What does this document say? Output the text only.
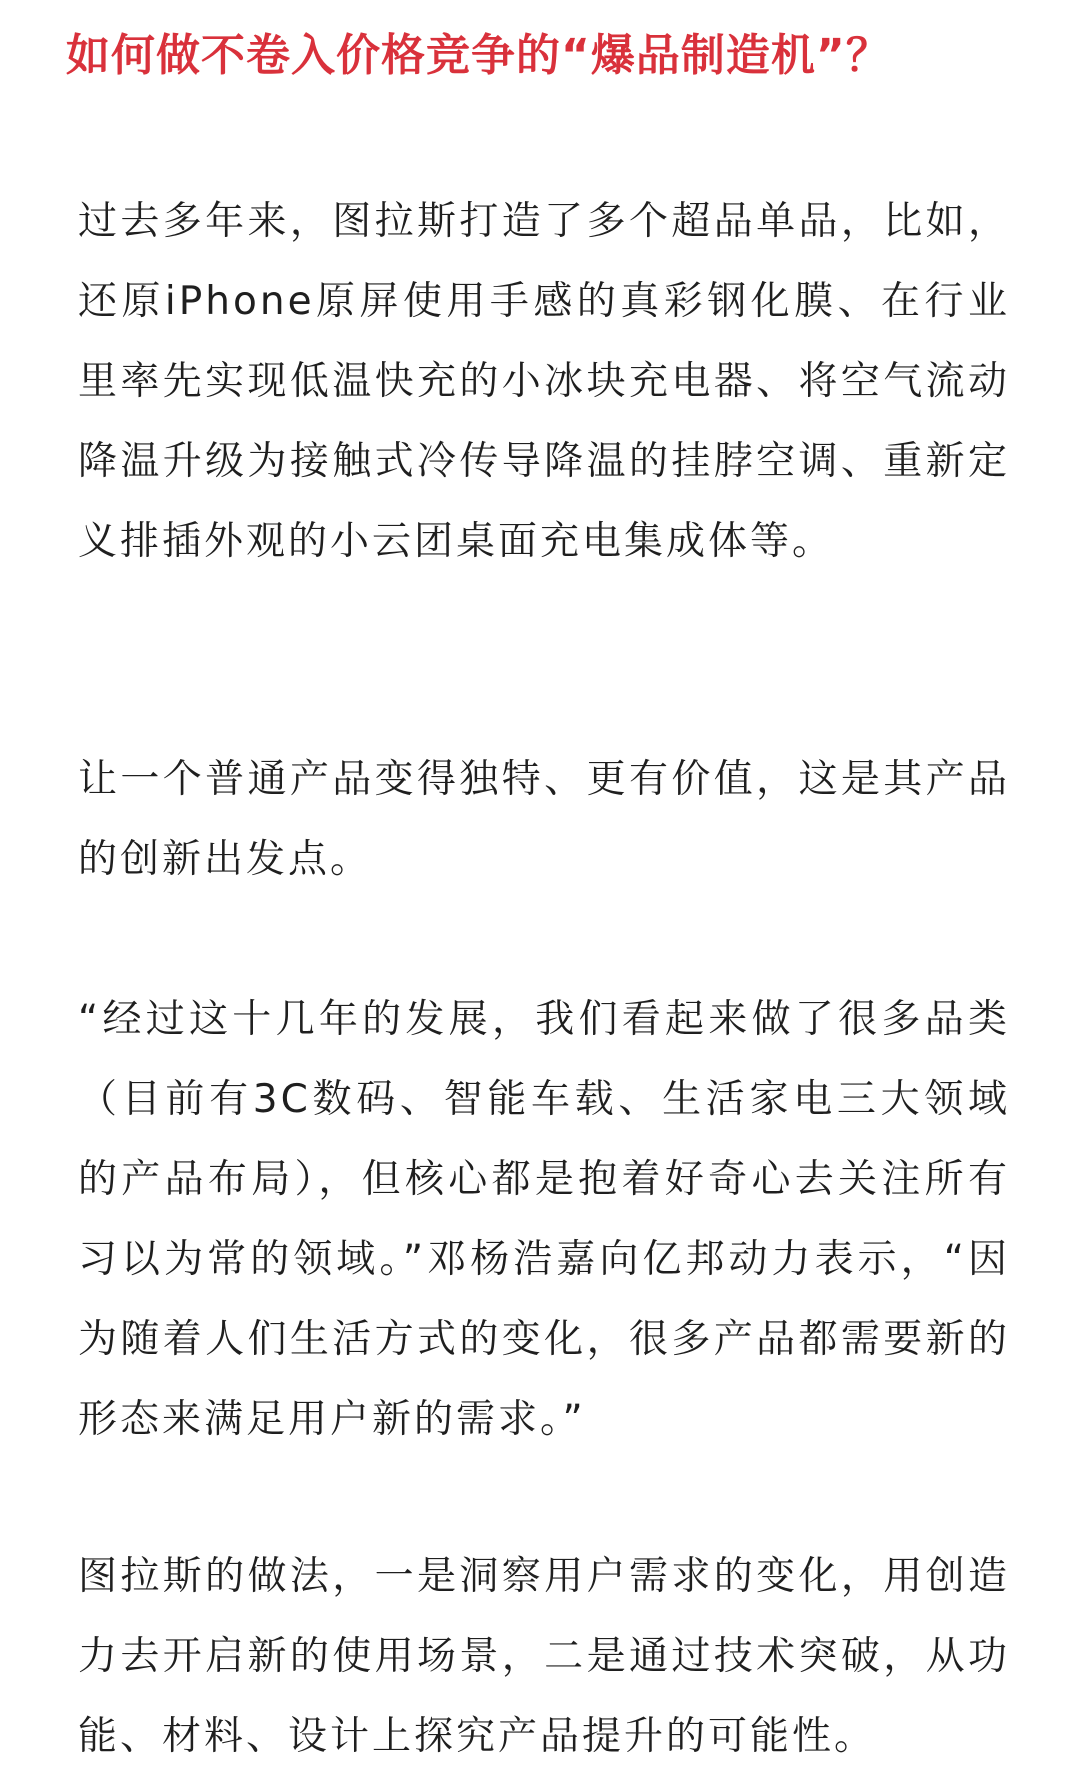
如何做不卷入价格竞争的“爆品制造机”？

过去多年来，图拉斯打造了多个超品单品，比如，还原iPhone原屏使用手感的真彩钢化膜、在行业里率先实现低温快充的小冰块充电器、将空气流动降温升级为接触式冷传导降温的挂脖空调、重新定义排插外观的小云团桌面充电集成体等。

让一个普通产品变得独特、更有价值，这是其产品的创新出发点。

“经过这十几年的发展，我们看起来做了很多品类（目前有3C数码、智能车载、生活家电三大领域的产品布局），但核心都是抱着好奇心去关注所有习以为常的领域。”邓杨浩嘉向亿邦动力表示，“因为随着人们生活方式的变化，很多产品都需要新的形态来满足用户新的需求。”

图拉斯的做法，一是洞察用户需求的变化，用创造力去开启新的使用场景，二是通过技术突破，从功能、材料、设计上探究产品提升的可能性。
